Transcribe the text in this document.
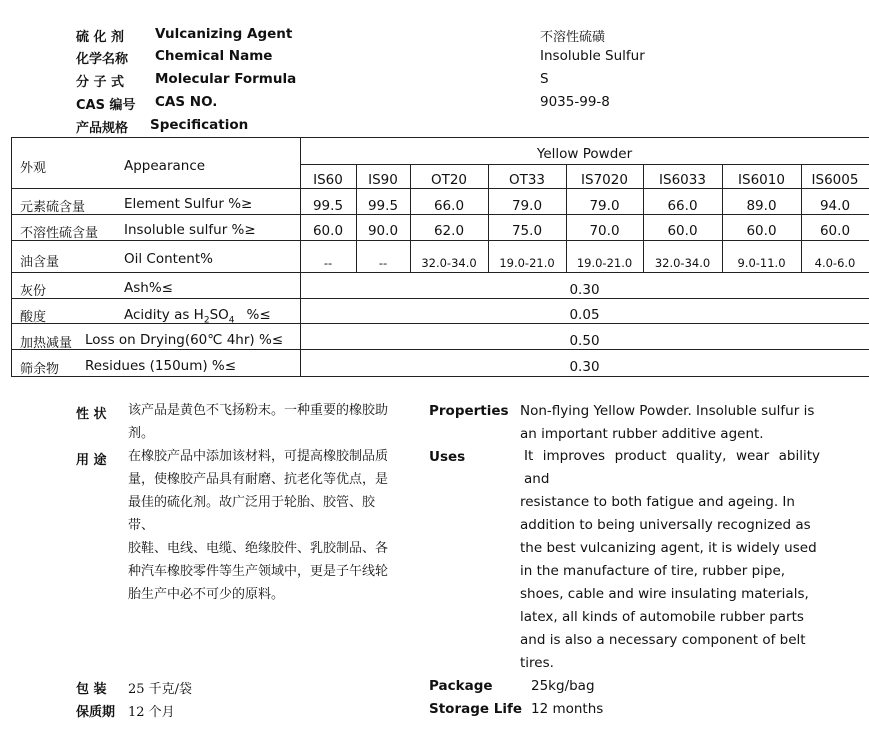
硫 化 剂 Vulcanizing Agent	不溶性硫磺
化学名称 Chemical Name	Insoluble Sulfur
分 子 式 Molecular Formula	S
CAS 编号 CAS NO.	9035-99-8
产品规格 Specification
外观	Appearance
Yellow Powder
IS60	IS90	OT20	OT33	IS7020	IS6033	IS6010	IS6005
元素硫含量	Element Sulfur %≥	99.5	99.5	66.0	79.0	79.0	66.0	89.0	94.0
不溶性硫含量 Insoluble sulfur %≥	60.0	90.0	62.0	75.0	70.0	60.0	60.0	60.0
油含量	Oil Content%	--	--	32.0-34.0	19.0-21.0	19.0-21.0	32.0-34.0	9.0-11.0	4.0-6.0
灰份	Ash%≤	0.30
酸度	Acidity as $H_2SO_4$ %≤	0.05
加热减量 Loss on Drying(60℃ 4hr) %≤	0.50
筛余物 Residues (150um) %≤	0.30
性 状 该产品是黄色不飞扬粉末。一种重要的橡胶助
剂。
Properties Non-flying Yellow Powder. Insoluble sulfur is
an important rubber additive agent.
用 途 在橡胶产品中添加该材料，可提高橡胶制品质
量，使橡胶产品具有耐磨、抗老化等优点，是
最佳的硫化剂。故广泛用于轮胎、胶管、胶带、
胶鞋、电线、电缆、绝缘胶件、乳胶制品、各
种汽车橡胶零件等生产领域中，更是子午线轮
胎生产中必不可少的原料。
Uses	It improves product quality, wear ability and
resistance to both fatigue and ageing. In
addition to being universally recognized as
the best vulcanizing agent, it is widely used
in the manufacture of tire, rubber pipe,
shoes, cable and wire insulating materials,
latex, all kinds of automobile rubber parts
and is also a necessary component of belt
tires.
包 装 25 千克/袋
保质期 12 个月
Package	25kg/bag
Storage Life 12 months
